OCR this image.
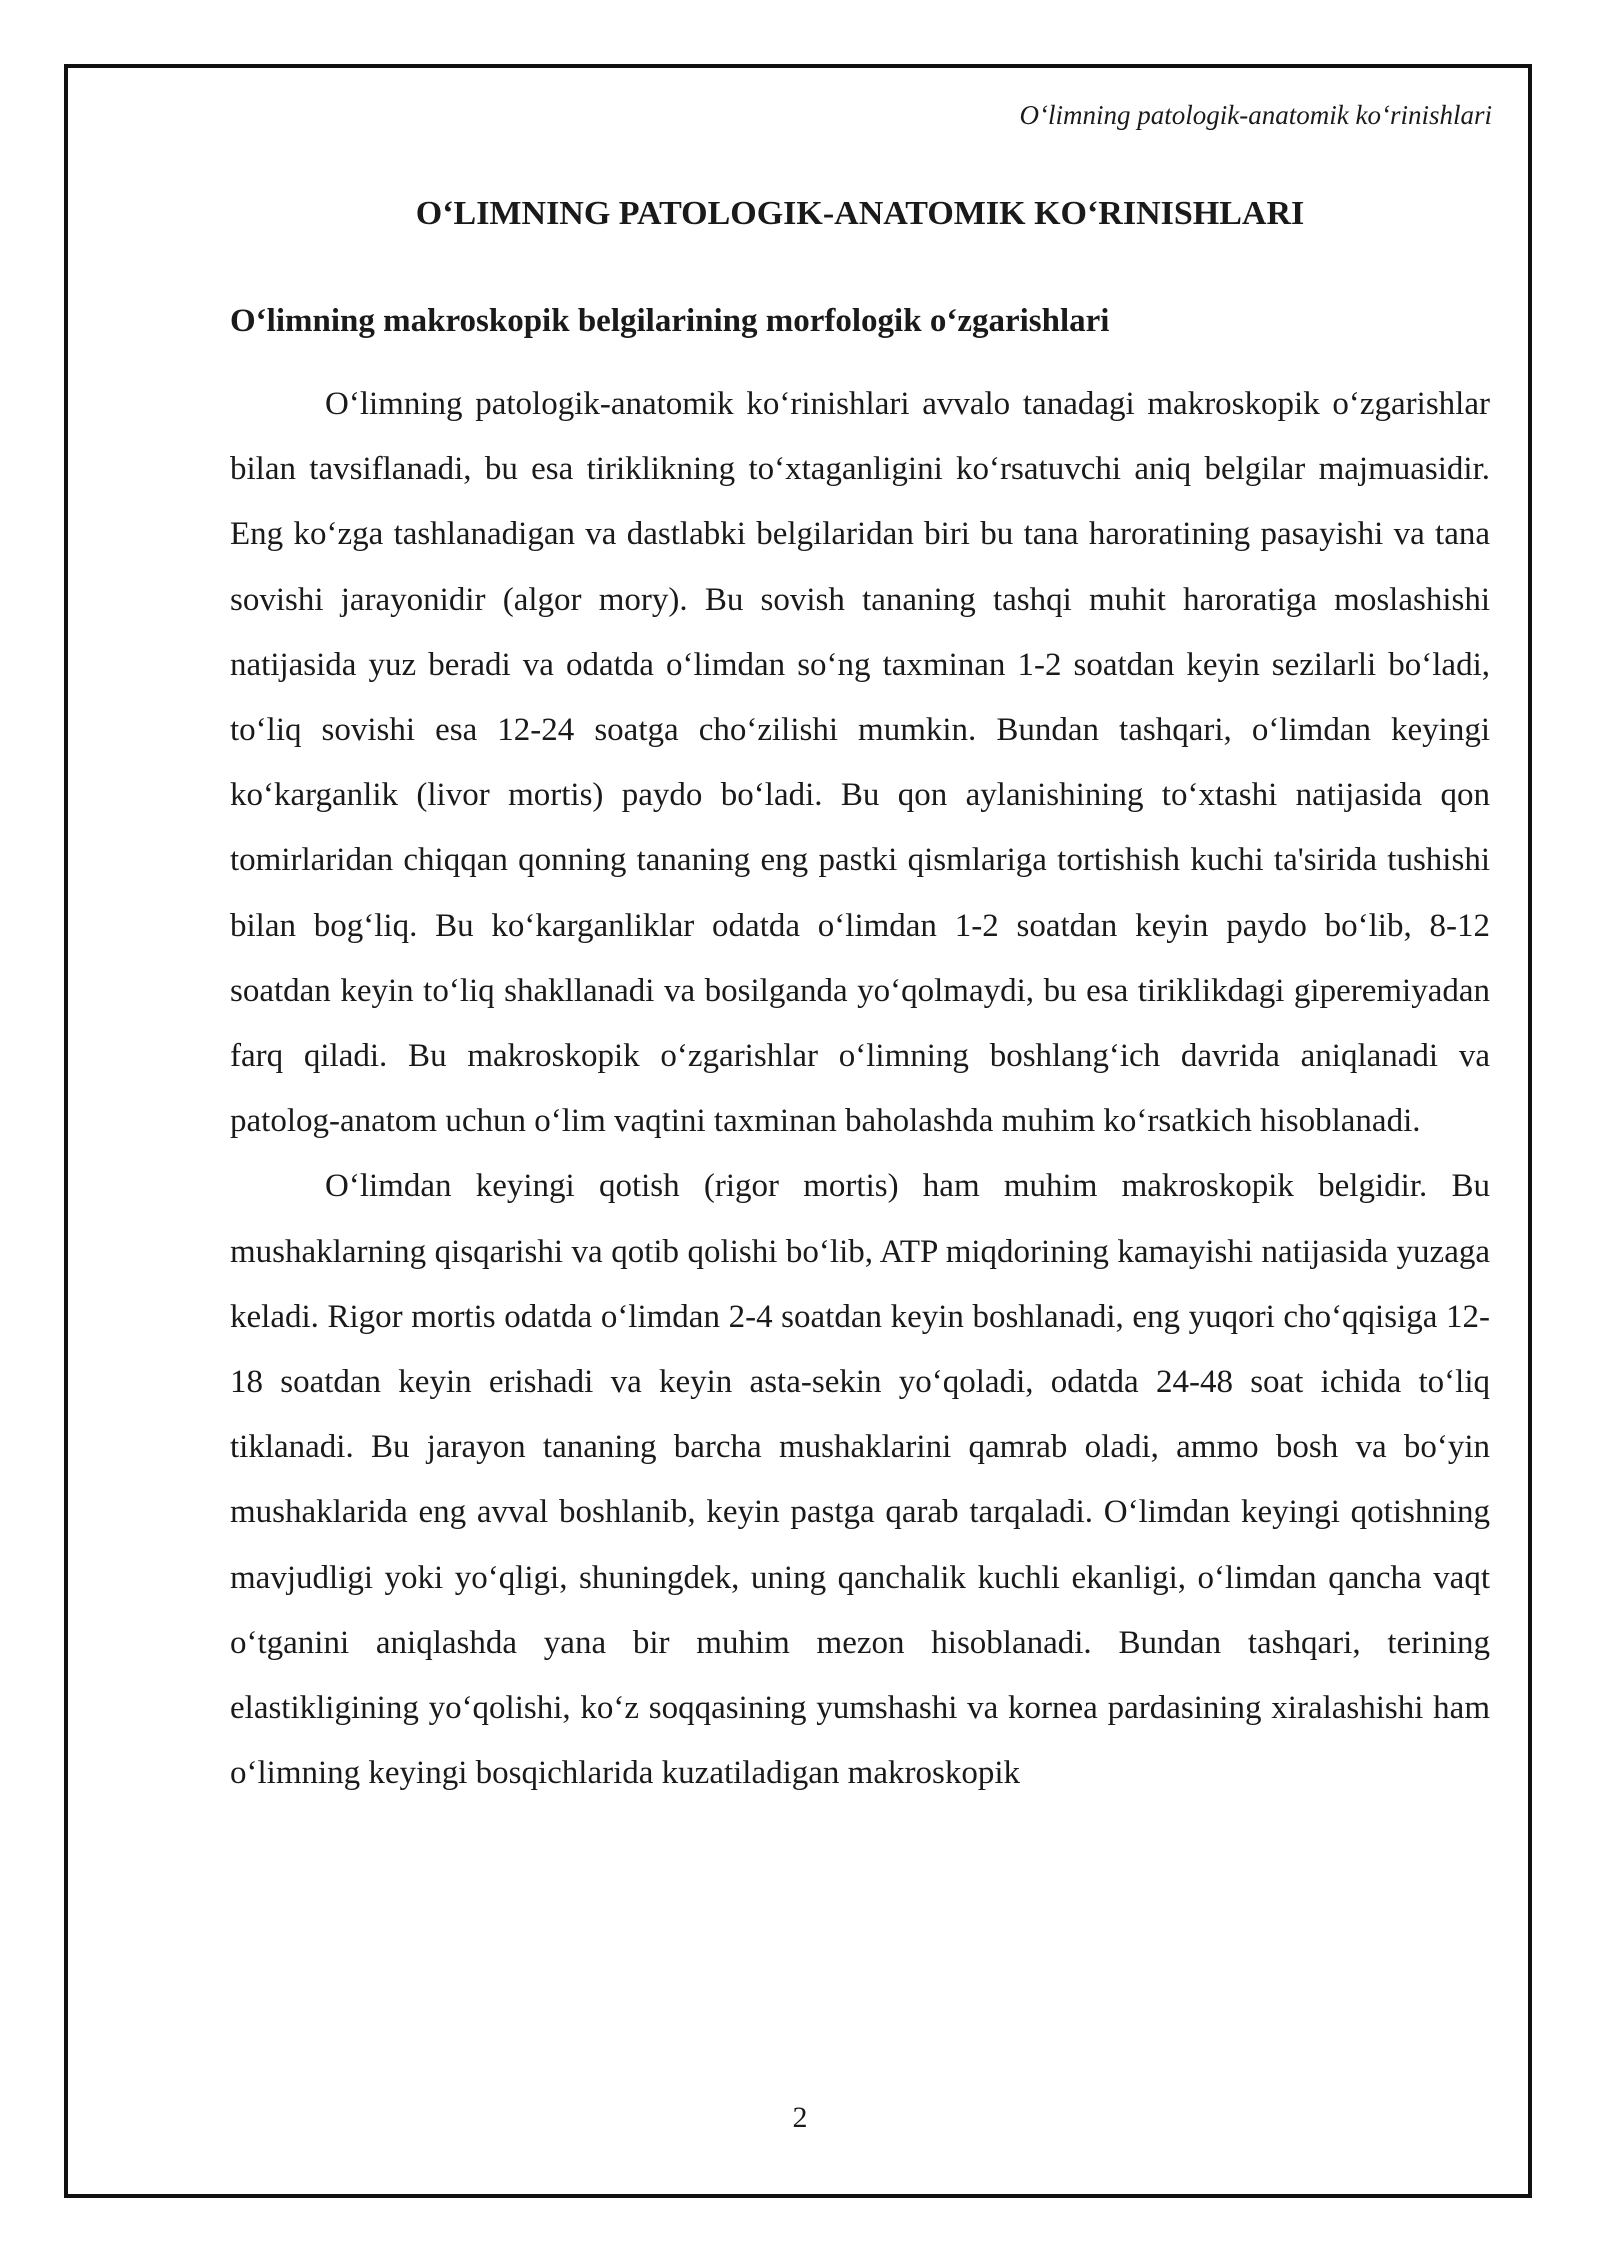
O‘limning patologik-anatomik ko‘rinishlari
O‘LIMNING PATOLOGIK-ANATOMIK KO‘RINISHLARI
O‘limning makroskopik belgilarining morfologik o‘zgarishlari

O‘limning patologik-anatomik ko‘rinishlari avvalo tanadagi makroskopik o‘zgarishlar bilan tavsiflanadi, bu esa tiriklikning to‘xtaganligini ko‘rsatuvchi aniq belgilar majmuasidir. Eng ko‘zga tashlanadigan va dastlabki belgilaridan biri bu tana haroratining pasayishi va tana sovishi jarayonidir (algor mory). Bu sovish tananing tashqi muhit haroratiga moslashishi natijasida yuz beradi va odatda o‘limdan so‘ng taxminan 1-2 soatdan keyin sezilarli bo‘ladi, to‘liq sovishi esa 12-24 soatga cho‘zilishi mumkin. Bundan tashqari, o‘limdan keyingi ko‘karganlik (livor mortis) paydo bo‘ladi. Bu qon aylanishining to‘xtashi natijasida qon tomirlaridan chiqqan qonning tananing eng pastki qismlariga tortishish kuchi ta'sirida tushishi bilan bog‘liq. Bu ko‘karganliklar odatda o‘limdan 1-2 soatdan keyin paydo bo‘lib, 8-12 soatdan keyin to‘liq shakllanadi va bosilganda yo‘qolmaydi, bu esa tiriklikdagi giperemiyadan farq qiladi. Bu makroskopik o‘zgarishlar o‘limning boshlang‘ich davrida aniqlanadi va patolog-anatom uchun o‘lim vaqtini taxminan baholashda muhim ko‘rsatkich hisoblanadi.

O‘limdan keyingi qotish (rigor mortis) ham muhim makroskopik belgidir. Bu mushaklarning qisqarishi va qotib qolishi bo‘lib, ATP miqdorining kamayishi natijasida yuzaga keladi. Rigor mortis odatda o‘limdan 2-4 soatdan keyin boshlanadi, eng yuqori cho‘qqisiga 12-18 soatdan keyin erishadi va keyin asta-sekin yo‘qoladi, odatda 24-48 soat ichida to‘liq tiklanadi. Bu jarayon tananing barcha mushaklarini qamrab oladi, ammo bosh va bo‘yin mushaklarida eng avval boshlanib, keyin pastga qarab tarqaladi. O‘limdan keyingi qotishning mavjudligi yoki yo‘qligi, shuningdek, uning qanchalik kuchli ekanligi, o‘limdan qancha vaqt o‘tganini aniqlashda yana bir muhim mezon hisoblanadi. Bundan tashqari, terining elastikligining yo‘qolishi, ko‘z soqqasining yumshashi va kornea pardasining xiralashishi ham o‘limning keyingi bosqichlarida kuzatiladigan makroskopik

2
